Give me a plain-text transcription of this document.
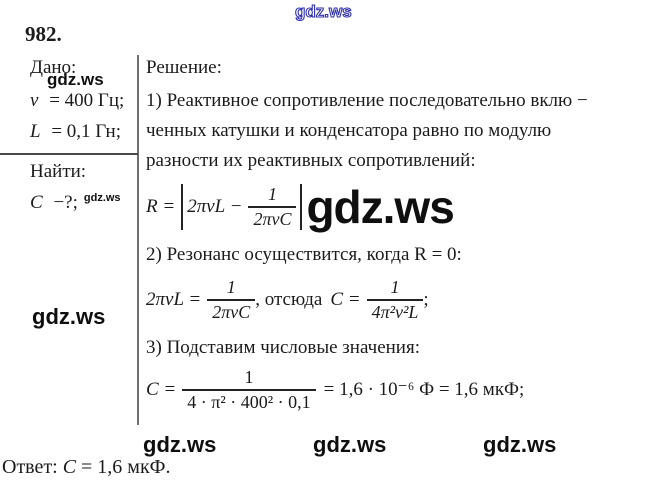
gdz.ws
982.
Дано:
gdz.ws
v = 400 Гц;
L = 0,1 Гн;
Найти:
C −?; $^{gdz.ws}$
gdz.ws
Решение:
1) Реактивное сопротивление последовательно вклю −
ченных катушки и конденсатора равно по модулю
разности их реактивных сопротивлений:
$R = 2\pi vL - \frac{1}{\text{2πvC}} gdz.ws$
2) Резонанс осуществится, когда R = 0:
$2\pi vL = \frac{1}{\text{2πvC}}$ , отсюда $C = \frac{1}{\text{4π²v²L}}$ ;
3) Подставим числовые значения:
$C = \frac{1}{\text{4 · π² · 400² · 0,1}} = 1,6 \cdot 10^{-6}$ Ф = 1,6 мкФ;
gdz.ws	gdz.ws	gdz.ws
Ответ: C = 1,6 мкФ.
